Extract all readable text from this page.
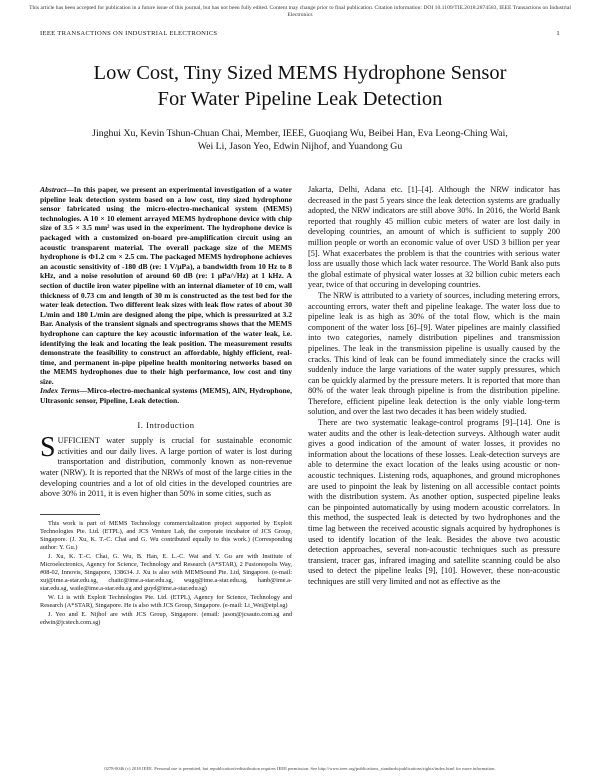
This article has been accepted for publication in a future issue of this journal, but has not been fully edited. Content may change prior to final publication. Citation information: DOI 10.1109/TIE.2018.2874583, IEEE Transactions on Industrial Electronics
IEEE TRANSACTIONS ON INDUSTRIAL ELECTRONICS	1
Low Cost, Tiny Sized MEMS Hydrophone Sensor
For Water Pipeline Leak Detection
Jinghui Xu, Kevin Tshun-Chuan Chai, Member, IEEE, Guoqiang Wu, Beibei Han, Eva Leong-Ching Wai,
Wei Li, Jason Yeo, Edwin Nijhof, and Yuandong Gu

Abstract—In this paper, we present an experimental investigation of a water pipeline leak detection system based on a low cost, tiny sized hydrophone sensor fabricated using the micro-electro-mechanical system (MEMS) technologies. A 10 × 10 element arrayed MEMS hydrophone device with chip size of 3.5 × 3.5 mm² was used in the experiment. The hydrophone device is packaged with a customized on-board pre-amplification circuit using an acoustic transparent material. The overall package size of the MEMS hydrophone is Φ1.2 cm × 2.5 cm. The packaged MEMS hydrophone achieves an acoustic sensitivity of -180 dB (re: 1 V/μPa), a bandwidth from 10 Hz to 8 kHz, and a noise resolution of around 60 dB (re: 1 μPa/√Hz) at 1 kHz. A section of ductile iron water pipeline with an internal diameter of 10 cm, wall thickness of 0.73 cm and length of 30 m is constructed as the test bed for the water leak detection. Two different leak sizes with leak flow rates of about 30 L/min and 180 L/min are designed along the pipe, which is pressurized at 3.2 Bar. Analysis of the transient signals and spectrograms shows that the MEMS hydrophone can capture the key acoustic information of the water leak, i.e. identifying the leak and locating the leak position. The measurement results demonstrate the feasibility to construct an affordable, highly efficient, real-time, and permanent in-pipe pipeline health monitoring networks based on the MEMS hydrophones due to their high performance, low cost and tiny size.

Index Terms—Mirco-electro-mechanical systems (MEMS), AlN, Hydrophone, Ultrasonic sensor, Pipeline, Leak detection.

I. Introduction

SUFFICIENT water supply is crucial for sustainable economic activities and our daily lives. A large portion of water is lost during transportation and distribution, commonly known as non-revenue water (NRW). It is reported that the NRWs of most of the large cities in the developing countries and a lot of old cities in the developed countries are above 30% in 2011, it is even higher than 50% in some cities, such as

This work is part of MEMS Technology commercialization project supported by Exploit Technologies Pte. Ltd. (ETPL), and JCS Venture Lab, the corporate incubator of JCS Group, Singapore. (J. Xu, K. T.-C. Chai and G. Wu contributed equally to this work.) (Corresponding author: Y. Gu.)

J. Xu, K. T.-C. Chai, G. Wu, B. Han, E. L.-C. Wai and Y. Gu are with Institute of Microelectronics, Agency for Science, Technology and Research (A*STAR), 2 Fusionopolis Way, #08-02, Innovis, Singapore, 138634. J. Xu is also with MEMSound Pte. Ltd, Singapore. (e-mail: xuj@ime.a-star.edu.sg, chaitc@ime.a-star.edu.sg, wugq@ime.a-star.edu.sg, hanb@ime.a-star.edu.sg, waile@ime.a-star.edu.sg and guyd@ime.a-star.edu.sg)

W. Li is with Exploit Technologies Pte. Ltd. (ETPL), Agency for Science, Technology and Research (A*STAR), Singapore. He is also with JCS Group, Singapore. (e-mail: Li_Wei@etpl.sg)

J. Yeo and E. Nijhof are with JCS Group, Singapore. (email: jason@jcsauto.com.sg and edwin@jcstech.com.sg)

Jakarta, Delhi, Adana etc. [1]–[4]. Although the NRW indicator has decreased in the past 5 years since the leak detection systems are gradually adopted, the NRW indicators are still above 30%. In 2016, the World Bank reported that roughly 45 million cubic meters of water are lost daily in developing countries, an amount of which is sufficient to supply 200 million people or worth an economic value of over USD 3 billion per year [5]. What exacerbates the problem is that the countries with serious water loss are usually those which lack water resource. The World Bank also puts the global estimate of physical water losses at 32 billion cubic meters each year, twice of that occuring in developing countries.

The NRW is attributed to a variety of sources, including metering errors, accounting errors, water theft and pipeline leakage. The water loss due to pipeline leak is as high as 30% of the total flow, which is the main component of the water loss [6]–[9]. Water pipelines are mainly classified into two categories, namely distribution pipelines and transmission pipelines. The leak in the transmission pipeline is usually caused by the cracks. This kind of leak can be found immediately since the cracks will suddenly induce the large variations of the water supply pressures, which can be quickly alarmed by the pressure meters. It is reported that more than 80% of the water leak through pipeline is from the distribution pipeline. Therefore, efficient pipeline leak detection is the only viable long-term solution, and over the last two decades it has been widely studied.

There are two systematic leakage-control programs [9]–[14]. One is water audits and the other is leak-detection surveys. Although water audit gives a good indication of the amount of water losses, it provides no information about the locations of these losses. Leak-detection surveys are able to determine the exact location of the leaks using acoustic or non-acoustic techniques. Listening rods, aquaphones, and ground microphones are used to pinpoint the leak by listening on all accessible contact points with the distribution system. As another option, suspected pipeline leaks can be pinpointed automatically by using modern acoustic correlators. In this method, the suspected leak is detected by two hydrophones and the time lag between the received acoustic signals acquired by hydrophones is used to identify location of the leak. Besides the above two acoustic detection approaches, several non-acoustic techniques such as pressure transient, tracer gas, infrared imaging and satellite scanning could be also used to detect the pipeline leaks [9], [10]. However, these non-acoustic techniques are still very limited and not as effective as the

0278-0046 (c) 2018 IEEE. Personal use is permitted, but republication/redistribution requires IEEE permission. See http://www.ieee.org/publications_standards/publications/rights/index.html for more information.
